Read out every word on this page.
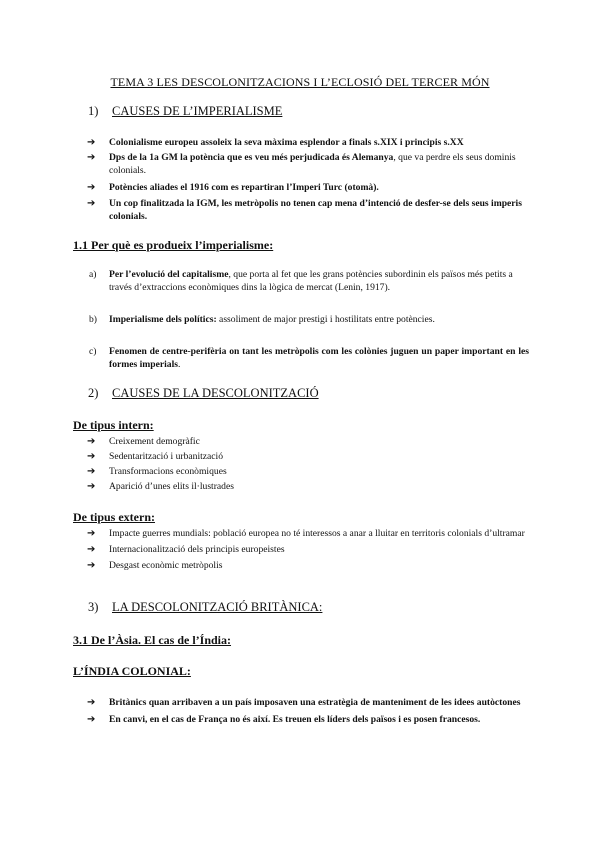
TEMA 3 LES DESCOLONITZACIONS I L’ECLOSIÓ DEL TERCER MÓN
1) CAUSES DE L’IMPERIALISME
➔ Colonialisme europeu assoleix la seva màxima esplendor a finals s.XIX i principis s.XX
➔ Dps de la 1a GM la potència que es veu més perjudicada és Alemanya, que va perdre els seus dominis colonials.
➔ Potències aliades el 1916 com es repartiran l’Imperi Turc (otomà).
➔ Un cop finalitzada la IGM, les metròpolis no tenen cap mena d’intenció de desfer-se dels seus imperis colonials.
1.1 Per què es produeix l’imperialisme:
a) Per l’evolució del capitalisme, que porta al fet que les grans potències subordinin els països més petits a través d’extraccions econòmiques dins la lògica de mercat (Lenin, 1917).
b) Imperialisme dels polítics: assoliment de major prestigi i hostilitats entre potències.
c) Fenomen de centre-perifèria on tant les metròpolis com les colònies juguen un paper important en les formes imperials.
2) CAUSES DE LA DESCOLONITZACIÓ
De tipus intern:
➔ Creixement demogràfic
➔ Sedentarització i urbanització
➔ Transformacions econòmiques
➔ Aparició d’unes elits il·lustrades
De tipus extern:
➔ Impacte guerres mundials: població europea no té interessos a anar a lluitar en territoris colonials d’ultramar
➔ Internacionalització dels principis europeistes
➔ Desgast econòmic metròpolis
3) LA DESCOLONITZACIÓ BRITÀNICA:
3.1 De l’Àsia. El cas de l’Índia:
L’ÍNDIA COLONIAL:
➔ Britànics quan arribaven a un país imposaven una estratègia de manteniment de les idees autòctones
➔ En canvi, en el cas de França no és així. Es treuen els líders dels països i es posen francesos.
